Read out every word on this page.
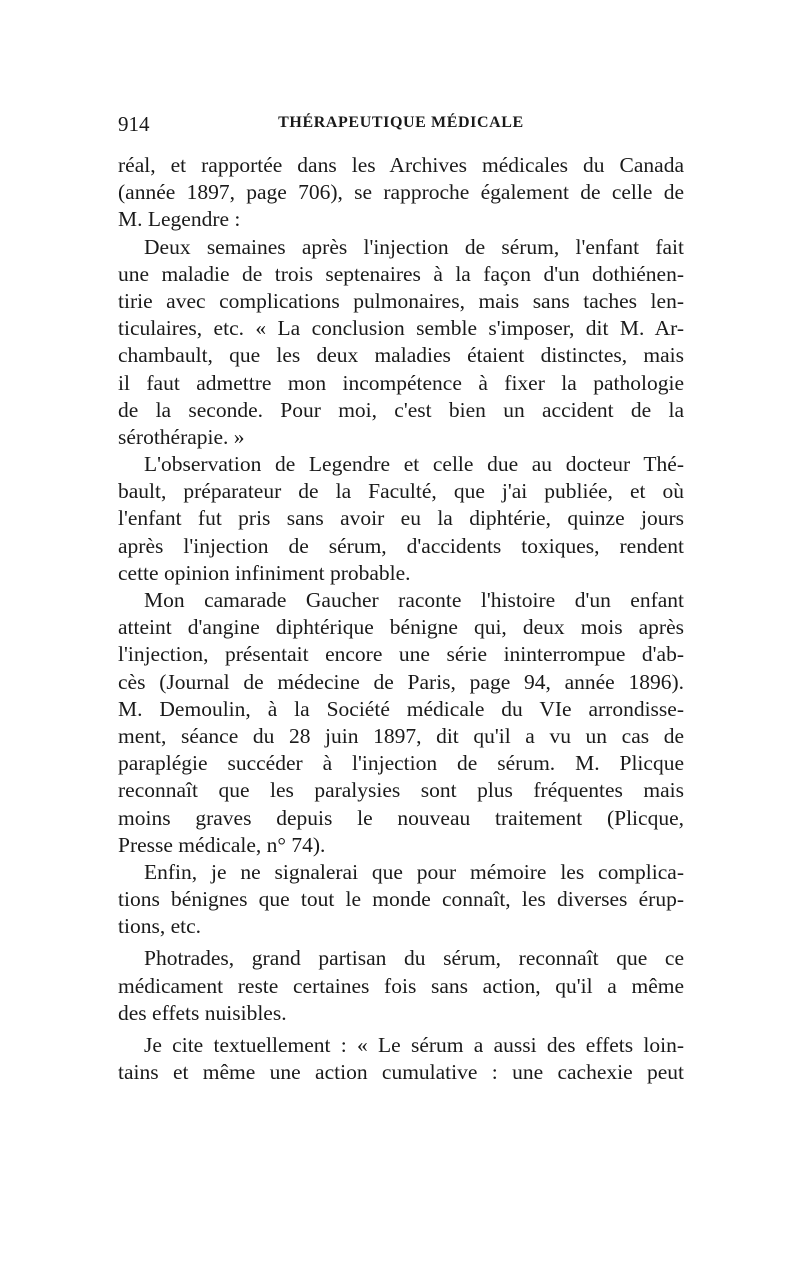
914	THÉRAPEUTIQUE MÉDICALE
réal, et rapportée dans les Archives médicales du Canada
(année 1897, page 706), se rapproche également de celle de
M. Legendre :
Deux semaines après l'injection de sérum, l'enfant fait
une maladie de trois septenaires à la façon d'un dothiénen-
tirie avec complications pulmonaires, mais sans taches len-
ticulaires, etc. « La conclusion semble s'imposer, dit M. Ar-
chambault, que les deux maladies étaient distinctes, mais
il faut admettre mon incompétence à fixer la pathologie
de la seconde. Pour moi, c'est bien un accident de la
sérothérapie. »
L'observation de Legendre et celle due au docteur Thé-
bault, préparateur de la Faculté, que j'ai publiée, et où
l'enfant fut pris sans avoir eu la diphtérie, quinze jours
après l'injection de sérum, d'accidents toxiques, rendent
cette opinion infiniment probable.
Mon camarade Gaucher raconte l'histoire d'un enfant
atteint d'angine diphtérique bénigne qui, deux mois après
l'injection, présentait encore une série ininterrompue d'ab-
cès (Journal de médecine de Paris, page 94, année 1896).
M. Demoulin, à la Société médicale du VIe arrondisse-
ment, séance du 28 juin 1897, dit qu'il a vu un cas de
paraplégie succéder à l'injection de sérum. M. Plicque
reconnaît que les paralysies sont plus fréquentes mais
moins graves depuis le nouveau traitement (Plicque,
Presse médicale, n° 74).
Enfin, je ne signalerai que pour mémoire les complica-
tions bénignes que tout le monde connaît, les diverses érup-
tions, etc.
Photrades, grand partisan du sérum, reconnaît que ce
médicament reste certaines fois sans action, qu'il a même
des effets nuisibles.
Je cite textuellement : « Le sérum a aussi des effets loin-
tains et même une action cumulative : une cachexie peut
